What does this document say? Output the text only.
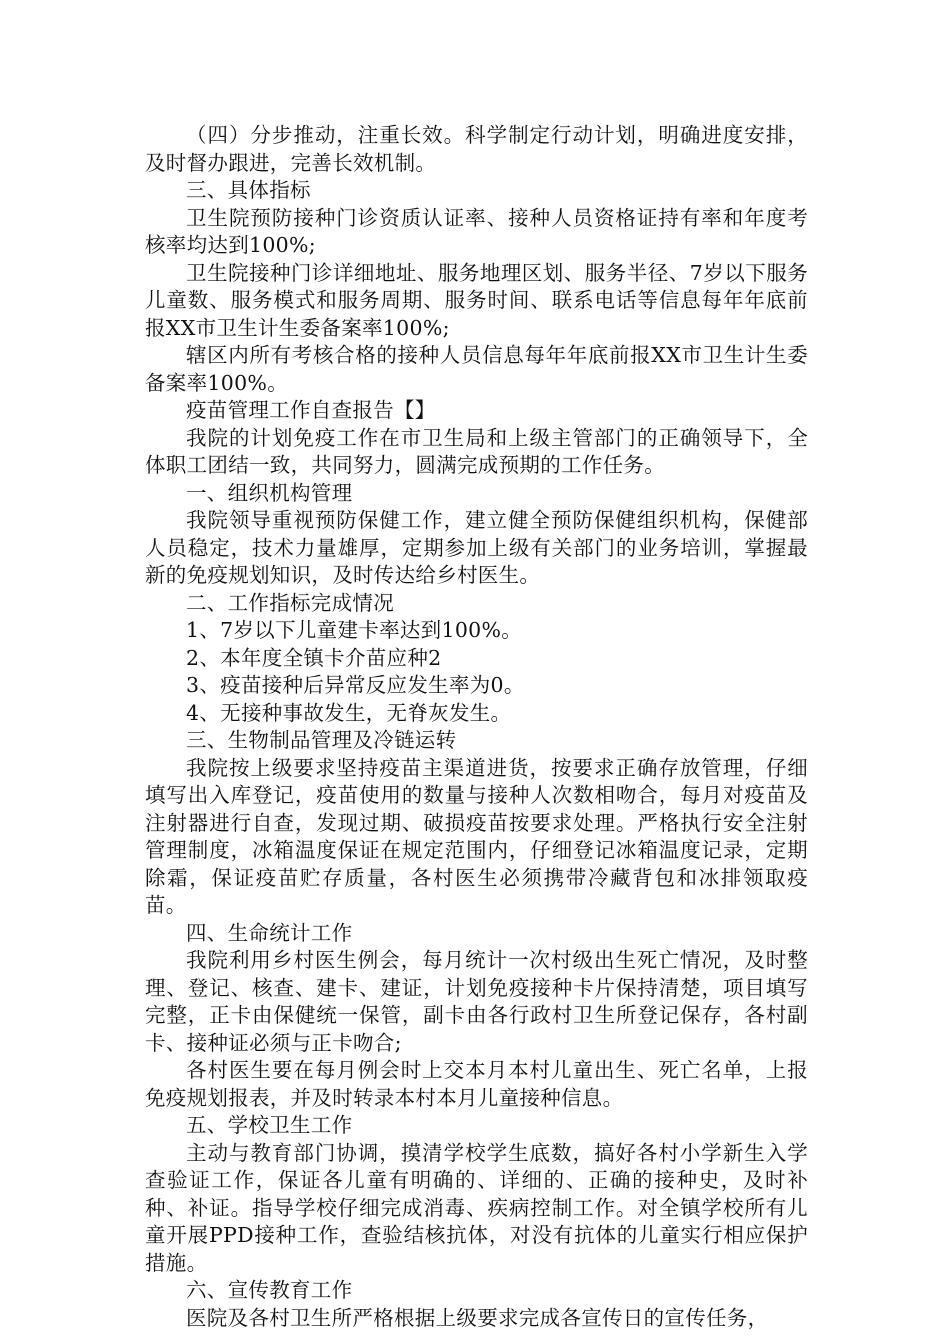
（四）分步推动，注重长效。科学制定行动计划，明确进度安排，及时督办跟进，完善长效机制。

三、具体指标

卫生院预防接种门诊资质认证率、接种人员资格证持有率和年度考核率均达到100%;

卫生院接种门诊详细地址、服务地理区划、服务半径、7岁以下服务儿童数、服务模式和服务周期、服务时间、联系电话等信息每年年底前报XX市卫生计生委备案率100%;

辖区内所有考核合格的接种人员信息每年年底前报XX市卫生计生委备案率100%。

疫苗管理工作自查报告【】

我院的计划免疫工作在市卫生局和上级主管部门的正确领导下，全体职工团结一致，共同努力，圆满完成预期的工作任务。

一、组织机构管理

我院领导重视预防保健工作，建立健全预防保健组织机构，保健部人员稳定，技术力量雄厚，定期参加上级有关部门的业务培训，掌握最新的免疫规划知识，及时传达给乡村医生。

二、工作指标完成情况

1、7岁以下儿童建卡率达到100%。

2、本年度全镇卡介苗应种2

3、疫苗接种后异常反应发生率为0。

4、无接种事故发生，无脊灰发生。

三、生物制品管理及冷链运转

我院按上级要求坚持疫苗主渠道进货，按要求正确存放管理，仔细填写出入库登记，疫苗使用的数量与接种人次数相吻合，每月对疫苗及注射器进行自查，发现过期、破损疫苗按要求处理。严格执行安全注射管理制度，冰箱温度保证在规定范围内，仔细登记冰箱温度记录，定期除霜，保证疫苗贮存质量，各村医生必须携带冷藏背包和冰排领取疫苗。

四、生命统计工作

我院利用乡村医生例会，每月统计一次村级出生死亡情况，及时整理、登记、核查、建卡、建证，计划免疫接种卡片保持清楚，项目填写完整，正卡由保健统一保管，副卡由各行政村卫生所登记保存，各村副卡、接种证必须与正卡吻合;

各村医生要在每月例会时上交本月本村儿童出生、死亡名单，上报免疫规划报表，并及时转录本村本月儿童接种信息。

五、学校卫生工作

主动与教育部门协调，摸清学校学生底数，搞好各村小学新生入学查验证工作，保证各儿童有明确的、详细的、正确的接种史，及时补种、补证。指导学校仔细完成消毒、疾病控制工作。对全镇学校所有儿童开展PPD接种工作，查验结核抗体，对没有抗体的儿童实行相应保护措施。

六、宣传教育工作

医院及各村卫生所严格根据上级要求完成各宣传日的宣传任务，
